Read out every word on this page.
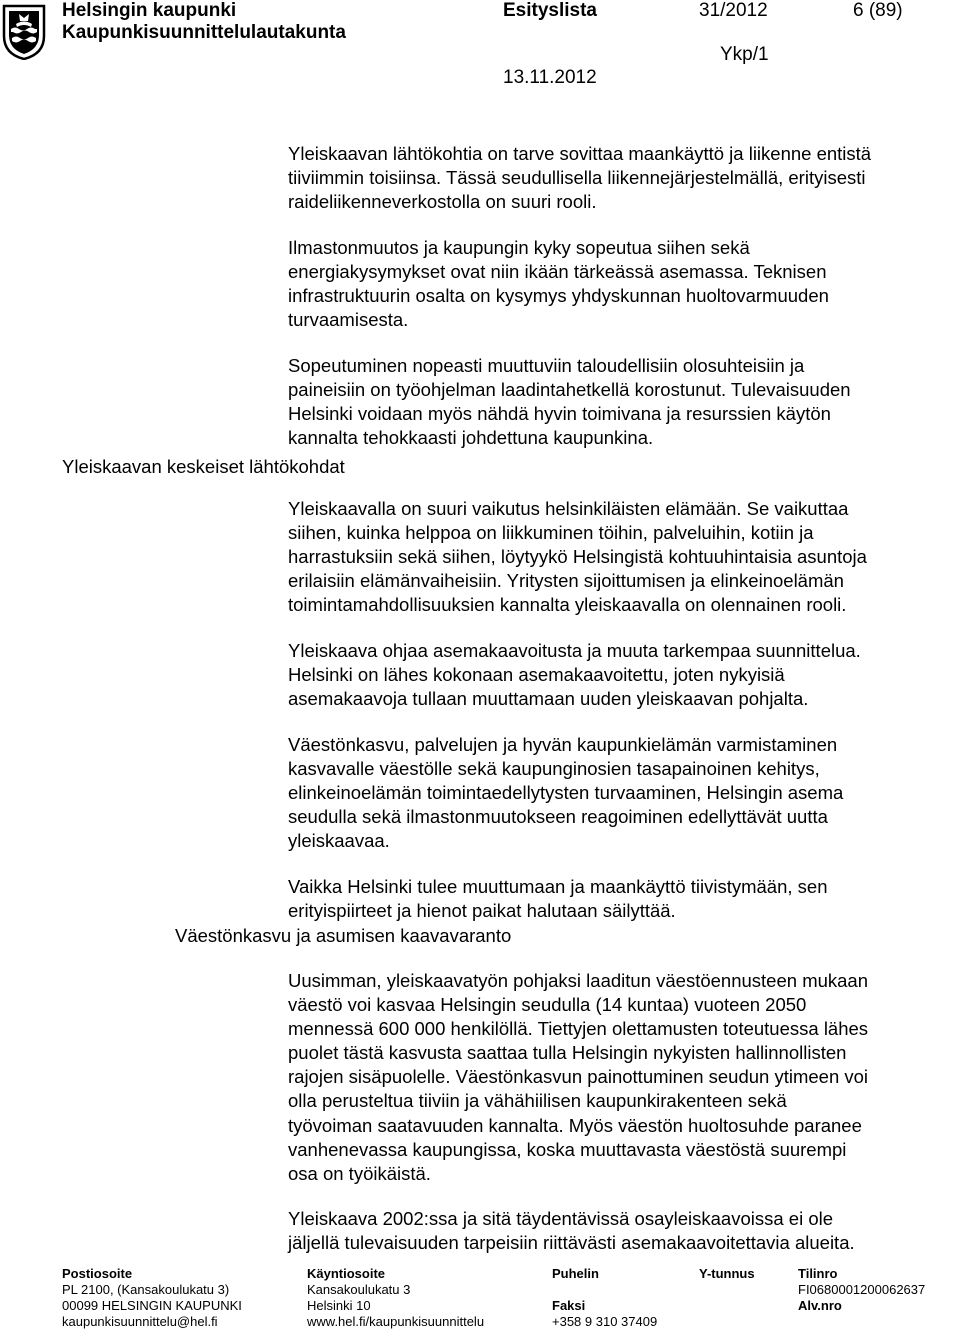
Helsingin kaupunki
Kaupunkisuunnittelulautakunta
Esityslista	31/2012	6 (89)
Ykp/1
13.11.2012
Yleiskaavan keskeiset lähtökohdat
Väestönkasvu ja asumisen kaavavaranto

Yleiskaavan lähtökohtia on tarve sovittaa maankäyttö ja liikenne entistä
tiiviimmin toisiinsa. Tässä seudullisella liikennejärjestelmällä, erityisesti
raideliikenneverkostolla on suuri rooli.

Ilmastonmuutos ja kaupungin kyky sopeutua siihen sekä
energiakysymykset ovat niin ikään tärkeässä asemassa. Teknisen
infrastruktuurin osalta on kysymys yhdyskunnan huoltovarmuuden
turvaamisesta.

Sopeutuminen nopeasti muuttuviin taloudellisiin olosuhteisiin ja
paineisiin on työohjelman laadintahetkellä korostunut. Tulevaisuuden
Helsinki voidaan myös nähdä hyvin toimivana ja resurssien käytön
kannalta tehokkaasti johdettuna kaupunkina.

Yleiskaavalla on suuri vaikutus helsinkiläisten elämään. Se vaikuttaa
siihen, kuinka helppoa on liikkuminen töihin, palveluihin, kotiin ja
harrastuksiin sekä siihen, löytyykö Helsingistä kohtuuhintaisia asuntoja
erilaisiin elämänvaiheisiin. Yritysten sijoittumisen ja elinkeinoelämän
toimintamahdollisuuksien kannalta yleiskaavalla on olennainen rooli.

Yleiskaava ohjaa asemakaavoitusta ja muuta tarkempaa suunnittelua.
Helsinki on lähes kokonaan asemakaavoitettu, joten nykyisiä
asemakaavoja tullaan muuttamaan uuden yleiskaavan pohjalta.

Väestönkasvu, palvelujen ja hyvän kaupunkielämän varmistaminen
kasvavalle väestölle sekä kaupunginosien tasapainoinen kehitys,
elinkeinoelämän toimintaedellytysten turvaaminen, Helsingin asema
seudulla sekä ilmastonmuutokseen reagoiminen edellyttävät uutta
yleiskaavaa.

Vaikka Helsinki tulee muuttumaan ja maankäyttö tiivistymään, sen
erityispiirteet ja hienot paikat halutaan säilyttää.

Uusimman, yleiskaavatyön pohjaksi laaditun väestöennusteen mukaan
väestö voi kasvaa Helsingin seudulla (14 kuntaa) vuoteen 2050
mennessä 600 000 henkilöllä. Tiettyjen olettamusten toteutuessa lähes
puolet tästä kasvusta saattaa tulla Helsingin nykyisten hallinnollisten
rajojen sisäpuolelle. Väestönkasvun painottuminen seudun ytimeen voi
olla perusteltua tiiviin ja vähähiilisen kaupunkirakenteen sekä
työvoiman saatavuuden kannalta. Myös väestön huoltosuhde paranee
vanhenevassa kaupungissa, koska muuttavasta väestöstä suurempi
osa on työikäistä.

Yleiskaava 2002:ssa ja sitä täydentävissä osayleiskaavoissa ei ole
jäljellä tulevaisuuden tarpeisiin riittävästi asemakaavoitettavia alueita.

Postiosoite
PL 2100, (Kansakoulukatu 3)
00099 HELSINGIN KAUPUNKI
kaupunkisuunnittelu@hel.fi
Käyntiosoite
Kansakoulukatu 3
Helsinki 10
www.hel.fi/kaupunkisuunnittelu
Puhelin

Faksi
+358 9 310 37409
Y-tunnus	Tilinro
FI0680001200062637
Alv.nro
